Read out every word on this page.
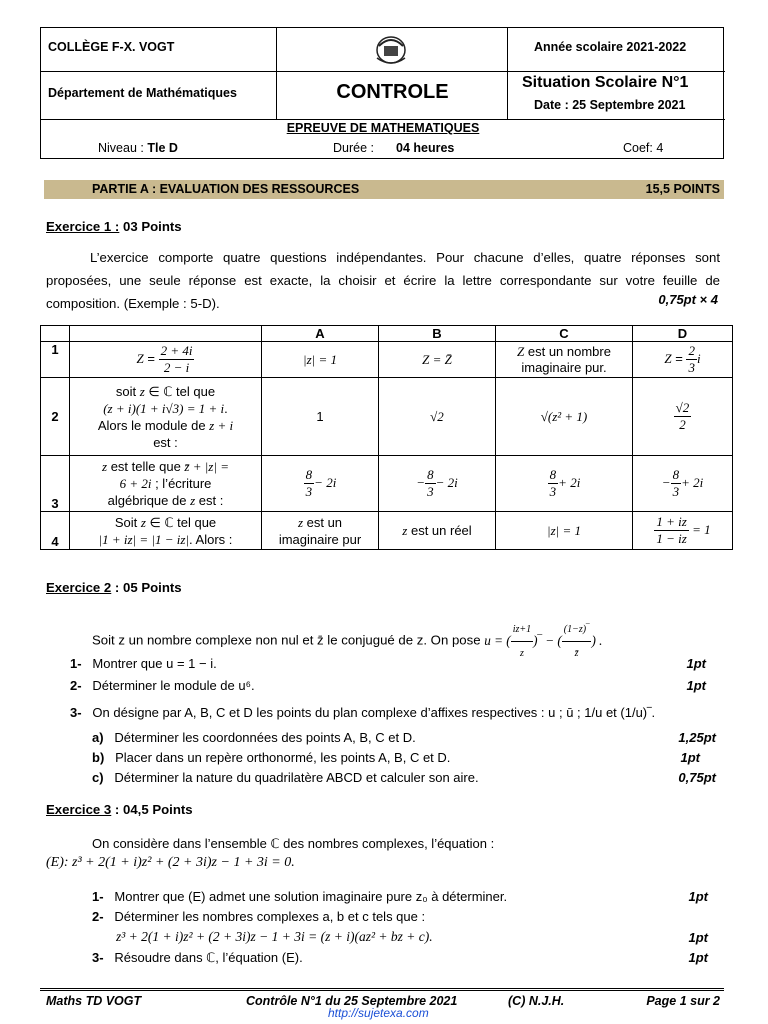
COLLÈGE F-X. VOGT	Année scolaire 2021-2022
Département de Mathématiques	CONTROLE	Situation Scolaire N°1
Date : 25 Septembre 2021
EPREUVE DE MATHEMATIQUES
Niveau : Tle D	Durée : 04 heures	Coef: 4
PARTIE A : EVALUATION DES RESSOURCES	15,5 POINTS
Exercice 1 : 03 Points
L’exercice comporte quatre questions indépendantes. Pour chacune d’elles, quatre réponses sont proposées, une seule réponse est exacte, la choisir et écrire la lettre correspondante sur votre feuille de composition. (Exemple : 5-D).	0,75pt × 4
		A	B	C	D
1	$Z = \frac{2 + 4i}{2 - i}$	|z| = 1	Z = Z̄	Z est un nombre imaginaire pur.	$Z = \frac{2}{3}$ i
2	soit z ∈ ℂ tel que
(z + i)(1 + i√3) = 1 + i.
Alors le module de z + i
est :	1	√2	√(z² + 1)	$\frac{√2}{2}$

3	z est telle que z̄ + |z| =
6 + 2i ; l’écriture
algébrique de z est :	$\frac{8}{3} - 2i$	− $\frac{8}{3} - 2i$	$\frac{8}{3} + 2i$	− $\frac{8}{3} + 2i$
4	Soit z ∈ ℂ tel que
|1 + iz| = |1 − iz|. Alors :	z est un
imaginaire pur	z est un réel	|z| = 1	$\frac{1 + iz}{1 - iz} = 1$
Exercice 2 : 05 Points
Soit z un nombre complexe non nul et z̄ le conjugué de z. On pose u = ( $\frac{iz+1}{z}$ )‾ − ( $\frac{(1-z)‾}{z̄}$ ) .
1- Montrer que u = 1 − i.	1pt
2- Déterminer le module de u⁶.	1pt
3- On désigne par A, B, C et D les points du plan complexe d’affixes respectives : u ; ū ; 1/u et (1/u)‾.
a) Déterminer les coordonnées des points A, B, C et D.	1,25pt
b) Placer dans un repère orthonormé, les points A, B, C et D.	1pt
c) Déterminer la nature du quadrilatère ABCD et calculer son aire.	0,75pt
Exercice 3 : 04,5 Points
On considère dans l’ensemble ℂ des nombres complexes, l’équation :
(E): z³ + 2(1 + i)z² + (2 + 3i)z − 1 + 3i = 0.
1- Montrer que (E) admet une solution imaginaire pure z₀ à déterminer.	1pt
2- Déterminer les nombres complexes a, b et c tels que :
z³ + 2(1 + i)z² + (2 + 3i)z − 1 + 3i = (z + i)(az² + bz + c).	1pt
3- Résoudre dans ℂ, l’équation (E).	1pt
Maths TD VOGT	Contrôle N°1 du 25 Septembre 2021	(C) N.J.H.	Page 1 sur 2
http://sujetexa.com
